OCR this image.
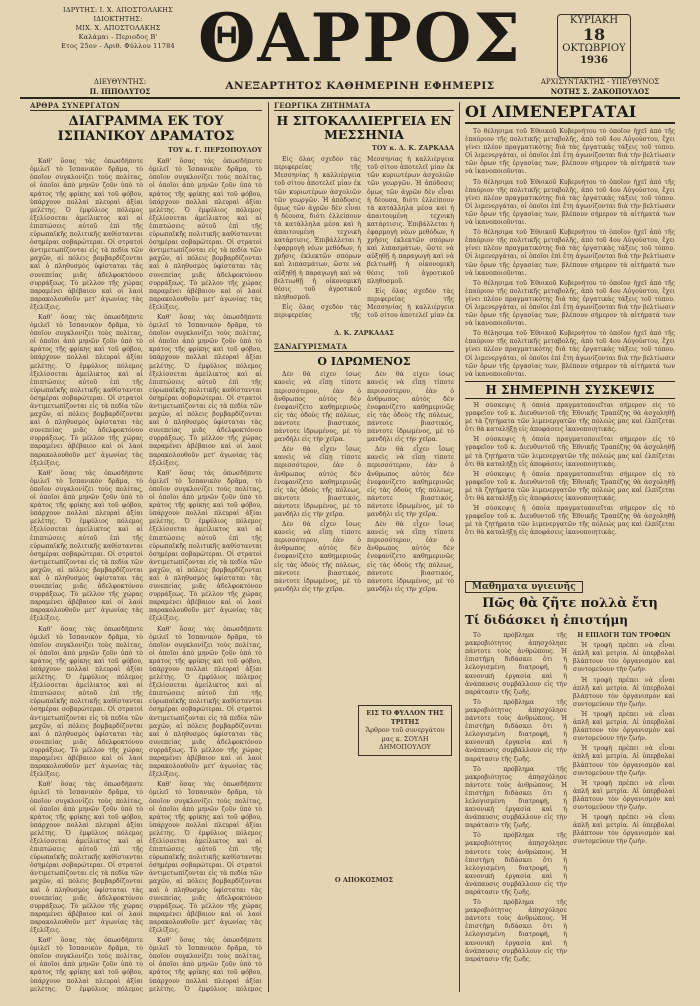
ΙΔΡΥΤΗΣ: Ι. Χ. ΑΠΟΣΤΟΛΑΚΗΣ
ΙΔΙΟΚΤΗΤΗΣ:
ΜΙΧ. Χ. ΑΠΟΣΤΟΛΑΚΗΣ
Καλάμαι - Περιοδος Β'
Ετος 25ον - Αριθ. Φύλλου 11784 ΘΑΡΡΟΣ	ΚΥΡΙΑΚΗ
18
ΟΚΤΩΒΡΙΟΥ
1936
ΔΙΕΥΘΥΝΤΗΣ:
Π. ΙΠΠΟΛΥΤΟΣ	ΑΝΕΞΑΡΤΗΤΟΣ ΚΑΘΗΜΕΡΙΝΗ ΕΦΗΜΕΡΙΣ	ΑΡΧΙΣΥΝΤΑΚΤΗΣ - ΥΠΕΥΘΥΝΟΣ
ΝΟΤΗΣ Σ. ΖΑΚΟΠΟΥΛΟΣ
ΑΡΘΡΑ ΣΥΝΕΡΓΑΤΩΝ
ΔΙΑΓΡΑΜΜΑ ΕΚ ΤΟΥ ΙΣΠΑΝΙΚΟΥ ΔΡΑΜΑΤΟΣ
ΤΟΥ κ. Γ. ΠΕΡΣΟΠΟΥΛΟΥ

Καθ' ὅσας τὰς ὀπωσδήποτε ὁμιλεῖ τὸ Ἱσπανικὸν δρᾶμα, τὸ ὁποῖον συγκλονίζει τοὺς πολίτας, οἱ ὁποῖοι ἀπὸ μηνῶν ζοῦν ὑπὸ τὸ κράτος τῆς φρίκης καὶ τοῦ φόβου, ὑπάρχουν πολλαὶ πλευραὶ ἀξίαι μελέτης. Ὁ ἐμφύλιος πόλεμος ἐξελίσσεται ἀμείλικτος καὶ αἱ ἐπιπτώσεις αὐτοῦ ἐπὶ τῆς εὐρωπαϊκῆς πολιτικῆς καθίστανται ὁσημέραι σοβαρώτεραι. Οἱ στρατοὶ ἀντιμετωπίζονται εἰς τὰ πεδία τῶν μαχῶν, αἱ πόλεις βομβαρδίζονται καὶ ὁ πληθυσμὸς ὑφίσταται τὰς συνεπείας μιᾶς ἀδελφοκτόνου συρράξεως. Τὸ μέλλον τῆς χώρας παραμένει ἀβέβαιον καὶ οἱ λαοὶ παρακολουθοῦν μετ' ἀγωνίας τὰς ἐξελίξεις.

Καθ' ὅσας τὰς ὀπωσδήποτε ὁμιλεῖ τὸ Ἱσπανικὸν δρᾶμα, τὸ ὁποῖον συγκλονίζει τοὺς πολίτας, οἱ ὁποῖοι ἀπὸ μηνῶν ζοῦν ὑπὸ τὸ κράτος τῆς φρίκης καὶ τοῦ φόβου, ὑπάρχουν πολλαὶ πλευραὶ ἀξίαι μελέτης. Ὁ ἐμφύλιος πόλεμος ἐξελίσσεται ἀμείλικτος καὶ αἱ ἐπιπτώσεις αὐτοῦ ἐπὶ τῆς εὐρωπαϊκῆς πολιτικῆς καθίστανται ὁσημέραι σοβαρώτεραι. Οἱ στρατοὶ ἀντιμετωπίζονται εἰς τὰ πεδία τῶν μαχῶν, αἱ πόλεις βομβαρδίζονται καὶ ὁ πληθυσμὸς ὑφίσταται τὰς συνεπείας μιᾶς ἀδελφοκτόνου συρράξεως. Τὸ μέλλον τῆς χώρας παραμένει ἀβέβαιον καὶ οἱ λαοὶ παρακολουθοῦν μετ' ἀγωνίας τὰς ἐξελίξεις.

Καθ' ὅσας τὰς ὀπωσδήποτε ὁμιλεῖ τὸ Ἱσπανικὸν δρᾶμα, τὸ ὁποῖον συγκλονίζει τοὺς πολίτας, οἱ ὁποῖοι ἀπὸ μηνῶν ζοῦν ὑπὸ τὸ κράτος τῆς φρίκης καὶ τοῦ φόβου, ὑπάρχουν πολλαὶ πλευραὶ ἀξίαι μελέτης. Ὁ ἐμφύλιος πόλεμος ἐξελίσσεται ἀμείλικτος καὶ αἱ ἐπιπτώσεις αὐτοῦ ἐπὶ τῆς εὐρωπαϊκῆς πολιτικῆς καθίστανται ὁσημέραι σοβαρώτεραι. Οἱ στρατοὶ ἀντιμετωπίζονται εἰς τὰ πεδία τῶν μαχῶν, αἱ πόλεις βομβαρδίζονται καὶ ὁ πληθυσμὸς ὑφίσταται τὰς συνεπείας μιᾶς ἀδελφοκτόνου συρράξεως. Τὸ μέλλον τῆς χώρας παραμένει ἀβέβαιον καὶ οἱ λαοὶ παρακολουθοῦν μετ' ἀγωνίας τὰς ἐξελίξεις.

Καθ' ὅσας τὰς ὀπωσδήποτε ὁμιλεῖ τὸ Ἱσπανικὸν δρᾶμα, τὸ ὁποῖον συγκλονίζει τοὺς πολίτας, οἱ ὁποῖοι ἀπὸ μηνῶν ζοῦν ὑπὸ τὸ κράτος τῆς φρίκης καὶ τοῦ φόβου, ὑπάρχουν πολλαὶ πλευραὶ ἀξίαι μελέτης. Ὁ ἐμφύλιος πόλεμος ἐξελίσσεται ἀμείλικτος καὶ αἱ ἐπιπτώσεις αὐτοῦ ἐπὶ τῆς εὐρωπαϊκῆς πολιτικῆς καθίστανται ὁσημέραι σοβαρώτεραι. Οἱ στρατοὶ ἀντιμετωπίζονται εἰς τὰ πεδία τῶν μαχῶν, αἱ πόλεις βομβαρδίζονται καὶ ὁ πληθυσμὸς ὑφίσταται τὰς συνεπείας μιᾶς ἀδελφοκτόνου συρράξεως. Τὸ μέλλον τῆς χώρας παραμένει ἀβέβαιον καὶ οἱ λαοὶ παρακολουθοῦν μετ' ἀγωνίας τὰς ἐξελίξεις.

Καθ' ὅσας τὰς ὀπωσδήποτε ὁμιλεῖ τὸ Ἱσπανικὸν δρᾶμα, τὸ ὁποῖον συγκλονίζει τοὺς πολίτας, οἱ ὁποῖοι ἀπὸ μηνῶν ζοῦν ὑπὸ τὸ κράτος τῆς φρίκης καὶ τοῦ φόβου, ὑπάρχουν πολλαὶ πλευραὶ ἀξίαι μελέτης. Ὁ ἐμφύλιος πόλεμος ἐξελίσσεται ἀμείλικτος καὶ αἱ ἐπιπτώσεις αὐτοῦ ἐπὶ τῆς εὐρωπαϊκῆς πολιτικῆς καθίστανται ὁσημέραι σοβαρώτεραι. Οἱ στρατοὶ ἀντιμετωπίζονται εἰς τὰ πεδία τῶν μαχῶν, αἱ πόλεις βομβαρδίζονται καὶ ὁ πληθυσμὸς ὑφίσταται τὰς συνεπείας μιᾶς ἀδελφοκτόνου συρράξεως. Τὸ μέλλον τῆς χώρας παραμένει ἀβέβαιον καὶ οἱ λαοὶ παρακολουθοῦν μετ' ἀγωνίας τὰς ἐξελίξεις.

Καθ' ὅσας τὰς ὀπωσδήποτε ὁμιλεῖ τὸ Ἱσπανικὸν δρᾶμα, τὸ ὁποῖον συγκλονίζει τοὺς πολίτας, οἱ ὁποῖοι ἀπὸ μηνῶν ζοῦν ὑπὸ τὸ κράτος τῆς φρίκης καὶ τοῦ φόβου, ὑπάρχουν πολλαὶ πλευραὶ ἀξίαι μελέτης. Ὁ ἐμφύλιος πόλεμος

Καθ' ὅσας τὰς ὀπωσδήποτε ὁμιλεῖ τὸ Ἱσπανικὸν δρᾶμα, τὸ ὁποῖον συγκλονίζει τοὺς πολίτας, οἱ ὁποῖοι ἀπὸ μηνῶν ζοῦν ὑπὸ τὸ κράτος τῆς φρίκης καὶ τοῦ φόβου, ὑπάρχουν πολλαὶ πλευραὶ ἀξίαι μελέτης. Ὁ ἐμφύλιος πόλεμος ἐξελίσσεται ἀμείλικτος καὶ αἱ ἐπιπτώσεις αὐτοῦ ἐπὶ τῆς εὐρωπαϊκῆς πολιτικῆς καθίστανται ὁσημέραι σοβαρώτεραι. Οἱ στρατοὶ ἀντιμετωπίζονται εἰς τὰ πεδία τῶν μαχῶν, αἱ πόλεις βομβαρδίζονται καὶ ὁ πληθυσμὸς ὑφίσταται τὰς συνεπείας μιᾶς ἀδελφοκτόνου συρράξεως. Τὸ μέλλον τῆς χώρας παραμένει ἀβέβαιον καὶ οἱ λαοὶ παρακολουθοῦν μετ' ἀγωνίας τὰς ἐξελίξεις.

Καθ' ὅσας τὰς ὀπωσδήποτε ὁμιλεῖ τὸ Ἱσπανικὸν δρᾶμα, τὸ ὁποῖον συγκλονίζει τοὺς πολίτας, οἱ ὁποῖοι ἀπὸ μηνῶν ζοῦν ὑπὸ τὸ κράτος τῆς φρίκης καὶ τοῦ φόβου, ὑπάρχουν πολλαὶ πλευραὶ ἀξίαι μελέτης. Ὁ ἐμφύλιος πόλεμος ἐξελίσσεται ἀμείλικτος καὶ αἱ ἐπιπτώσεις αὐτοῦ ἐπὶ τῆς εὐρωπαϊκῆς πολιτικῆς καθίστανται ὁσημέραι σοβαρώτεραι. Οἱ στρατοὶ ἀντιμετωπίζονται εἰς τὰ πεδία τῶν μαχῶν, αἱ πόλεις βομβαρδίζονται καὶ ὁ πληθυσμὸς ὑφίσταται τὰς συνεπείας μιᾶς ἀδελφοκτόνου συρράξεως. Τὸ μέλλον τῆς χώρας παραμένει ἀβέβαιον καὶ οἱ λαοὶ παρακολουθοῦν μετ' ἀγωνίας τὰς ἐξελίξεις.

Καθ' ὅσας τὰς ὀπωσδήποτε ὁμιλεῖ τὸ Ἱσπανικὸν δρᾶμα, τὸ ὁποῖον συγκλονίζει τοὺς πολίτας, οἱ ὁποῖοι ἀπὸ μηνῶν ζοῦν ὑπὸ τὸ κράτος τῆς φρίκης καὶ τοῦ φόβου, ὑπάρχουν πολλαὶ πλευραὶ ἀξίαι μελέτης. Ὁ ἐμφύλιος πόλεμος ἐξελίσσεται ἀμείλικτος καὶ αἱ ἐπιπτώσεις αὐτοῦ ἐπὶ τῆς εὐρωπαϊκῆς πολιτικῆς καθίστανται ὁσημέραι σοβαρώτεραι. Οἱ στρατοὶ ἀντιμετωπίζονται εἰς τὰ πεδία τῶν μαχῶν, αἱ πόλεις βομβαρδίζονται καὶ ὁ πληθυσμὸς ὑφίσταται τὰς συνεπείας μιᾶς ἀδελφοκτόνου συρράξεως. Τὸ μέλλον τῆς χώρας παραμένει ἀβέβαιον καὶ οἱ λαοὶ παρακολουθοῦν μετ' ἀγωνίας τὰς ἐξελίξεις.

Καθ' ὅσας τὰς ὀπωσδήποτε ὁμιλεῖ τὸ Ἱσπανικὸν δρᾶμα, τὸ ὁποῖον συγκλονίζει τοὺς πολίτας, οἱ ὁποῖοι ἀπὸ μηνῶν ζοῦν ὑπὸ τὸ κράτος τῆς φρίκης καὶ τοῦ φόβου, ὑπάρχουν πολλαὶ πλευραὶ ἀξίαι μελέτης. Ὁ ἐμφύλιος πόλεμος ἐξελίσσεται ἀμείλικτος καὶ αἱ ἐπιπτώσεις αὐτοῦ ἐπὶ τῆς εὐρωπαϊκῆς πολιτικῆς καθίστανται ὁσημέραι σοβαρώτεραι. Οἱ στρατοὶ ἀντιμετωπίζονται εἰς τὰ πεδία τῶν μαχῶν, αἱ πόλεις βομβαρδίζονται καὶ ὁ πληθυσμὸς ὑφίσταται τὰς συνεπείας μιᾶς ἀδελφοκτόνου συρράξεως. Τὸ μέλλον τῆς χώρας παραμένει ἀβέβαιον καὶ οἱ λαοὶ παρακολουθοῦν μετ' ἀγωνίας τὰς ἐξελίξεις.

Καθ' ὅσας τὰς ὀπωσδήποτε ὁμιλεῖ τὸ Ἱσπανικὸν δρᾶμα, τὸ ὁποῖον συγκλονίζει τοὺς πολίτας, οἱ ὁποῖοι ἀπὸ μηνῶν ζοῦν ὑπὸ τὸ κράτος τῆς φρίκης καὶ τοῦ φόβου, ὑπάρχουν πολλαὶ πλευραὶ ἀξίαι μελέτης. Ὁ ἐμφύλιος πόλεμος ἐξελίσσεται ἀμείλικτος καὶ αἱ ἐπιπτώσεις αὐτοῦ ἐπὶ τῆς εὐρωπαϊκῆς πολιτικῆς καθίστανται ὁσημέραι σοβαρώτεραι. Οἱ στρατοὶ ἀντιμετωπίζονται εἰς τὰ πεδία τῶν μαχῶν, αἱ πόλεις βομβαρδίζονται καὶ ὁ πληθυσμὸς ὑφίσταται τὰς συνεπείας μιᾶς ἀδελφοκτόνου συρράξεως. Τὸ μέλλον τῆς χώρας παραμένει ἀβέβαιον καὶ οἱ λαοὶ παρακολουθοῦν μετ' ἀγωνίας τὰς ἐξελίξεις.

Καθ' ὅσας τὰς ὀπωσδήποτε ὁμιλεῖ τὸ Ἱσπανικὸν δρᾶμα, τὸ ὁποῖον συγκλονίζει τοὺς πολίτας, οἱ ὁποῖοι ἀπὸ μηνῶν ζοῦν ὑπὸ τὸ κράτος τῆς φρίκης καὶ τοῦ φόβου, ὑπάρχουν πολλαὶ πλευραὶ ἀξίαι μελέτης. Ὁ ἐμφύλιος πόλεμος

ΓΕΩΡΓΙΚΑ ΖΗΤΗΜΑΤΑ
Η ΣΙΤΟΚΑΛΛΙΕΡΓΕΙΑ ΕΝ ΜΕΣΣΗΝΙΑ
ΤΟΥ κ. Δ. Κ. ΖΑΡΚΑΔΑ

Εἰς ὅλας σχεδὸν τὰς περιφερείας τῆς Μεσσηνίας ἡ καλλιέργεια τοῦ σίτου ἀποτελεῖ μίαν ἐκ τῶν κυριωτέρων ἀσχολιῶν τῶν γεωργῶν. Ἡ ἀπόδοσις ὅμως τῶν ἀγρῶν δὲν εἶναι ἡ δέουσα, διότι ἐλλείπουν τὰ κατάλληλα μέσα καὶ ἡ ἀπαιτουμένη τεχνικὴ κατάρτισις. Ἐπιβάλλεται ἡ ἐφαρμογὴ νέων μεθόδων, ἡ χρῆσις ἐκλεκτῶν σπόρων καὶ λιπασμάτων, ὥστε νὰ αὐξηθῇ ἡ παραγωγὴ καὶ νὰ βελτιωθῇ ἡ οἰκονομικὴ θέσις τοῦ ἀγροτικοῦ πληθυσμοῦ.

Εἰς ὅλας σχεδὸν τὰς περιφερείας τῆς Μεσσηνίας ἡ καλλιέργεια τοῦ σίτου ἀποτελεῖ μίαν ἐκ τῶν κυριωτέρων ἀσχολιῶν τῶν γεωργῶν. Ἡ ἀπόδοσις ὅμως τῶν ἀγρῶν δὲν εἶναι ἡ δέουσα, διότι ἐλλείπουν τὰ κατάλληλα μέσα καὶ ἡ ἀπαιτουμένη τεχνικὴ κατάρτισις. Ἐπιβάλλεται ἡ ἐφαρμογὴ νέων μεθόδων, ἡ χρῆσις ἐκλεκτῶν σπόρων καὶ λιπασμάτων, ὥστε νὰ αὐξηθῇ ἡ παραγωγὴ καὶ νὰ βελτιωθῇ ἡ οἰκονομικὴ θέσις τοῦ ἀγροτικοῦ πληθυσμοῦ.

Εἰς ὅλας σχεδὸν τὰς περιφερείας τῆς Μεσσηνίας ἡ καλλιέργεια τοῦ σίτου ἀποτελεῖ μίαν ἐκ

Δ. Κ. ΖΑΡΚΑΔΑΣ
ΞΑΝΑΓΥΡΙΣΜΑΤΑ
Ο ΙΔΡΩΜΕΝΟΣ

Δὲν θὰ εἶχεν ἴσως κανεὶς νὰ εἴπῃ τίποτε περισσότερον, ἐὰν ὁ ἄνθρωπος αὐτὸς δὲν ἐνεφανίζετο καθημερινῶς εἰς τὰς ὁδοὺς τῆς πόλεως, πάντοτε βιαστικός, πάντοτε ἱδρωμένος, μὲ τὸ μανδήλι εἰς τὴν χεῖρα.

Δὲν θὰ εἶχεν ἴσως κανεὶς νὰ εἴπῃ τίποτε περισσότερον, ἐὰν ὁ ἄνθρωπος αὐτὸς δὲν ἐνεφανίζετο καθημερινῶς εἰς τὰς ὁδοὺς τῆς πόλεως, πάντοτε βιαστικός, πάντοτε ἱδρωμένος, μὲ τὸ μανδήλι εἰς τὴν χεῖρα.

Δὲν θὰ εἶχεν ἴσως κανεὶς νὰ εἴπῃ τίποτε περισσότερον, ἐὰν ὁ ἄνθρωπος αὐτὸς δὲν ἐνεφανίζετο καθημερινῶς εἰς τὰς ὁδοὺς τῆς πόλεως, πάντοτε βιαστικός, πάντοτε ἱδρωμένος, μὲ τὸ μανδήλι εἰς τὴν χεῖρα.

Δὲν θὰ εἶχεν ἴσως κανεὶς νὰ εἴπῃ τίποτε περισσότερον, ἐὰν ὁ ἄνθρωπος αὐτὸς δὲν ἐνεφανίζετο καθημερινῶς εἰς τὰς ὁδοὺς τῆς πόλεως, πάντοτε βιαστικός, πάντοτε ἱδρωμένος, μὲ τὸ μανδήλι εἰς τὴν χεῖρα.

Δὲν θὰ εἶχεν ἴσως κανεὶς νὰ εἴπῃ τίποτε περισσότερον, ἐὰν ὁ ἄνθρωπος αὐτὸς δὲν ἐνεφανίζετο καθημερινῶς εἰς τὰς ὁδοὺς τῆς πόλεως, πάντοτε βιαστικός, πάντοτε ἱδρωμένος, μὲ τὸ μανδήλι εἰς τὴν χεῖρα.

Δὲν θὰ εἶχεν ἴσως κανεὶς νὰ εἴπῃ τίποτε περισσότερον, ἐὰν ὁ ἄνθρωπος αὐτὸς δὲν ἐνεφανίζετο καθημερινῶς εἰς τὰς ὁδοὺς τῆς πόλεως, πάντοτε βιαστικός, πάντοτε ἱδρωμένος, μὲ τὸ μανδήλι εἰς τὴν χεῖρα.

ΕΙΣ ΤΟ ΦΥΛΛΟΝ ΤΗΣ ΤΡΙΤΗΣ
Ἄρθρον τοῦ συνεργάτου μας κ. ΣΟΥΛΗ ΔΗΜΟΠΟΥΛΟΥ
Ο ΑΠΟΚΟΣΜΟΣ
ΟΙ ΛΙΜΕΝΕΡΓΑΤΑΙ

Τὸ θέλησιμα τοῦ Ἐθνικοῦ Κυβερνήτου τὸ ὁποῖον ἠχεῖ ἀπὸ τῆς ἐπαύριον τῆς πολιτικῆς μεταβολῆς, ἀπὸ τοῦ 4ου Αὐγούστου, ἔχει γίνει πλέον πραγματικότης διὰ τὰς ἐργατικὰς τάξεις τοῦ τόπου. Οἱ λιμενεργάται, οἱ ὁποῖοι ἐπὶ ἔτη ἀγωνίζονται διὰ τὴν βελτίωσιν τῶν ὅρων τῆς ἐργασίας των, βλέπουν σήμερον τὰ αἰτήματά των νὰ ἱκανοποιοῦνται.

Τὸ θέλησιμα τοῦ Ἐθνικοῦ Κυβερνήτου τὸ ὁποῖον ἠχεῖ ἀπὸ τῆς ἐπαύριον τῆς πολιτικῆς μεταβολῆς, ἀπὸ τοῦ 4ου Αὐγούστου, ἔχει γίνει πλέον πραγματικότης διὰ τὰς ἐργατικὰς τάξεις τοῦ τόπου. Οἱ λιμενεργάται, οἱ ὁποῖοι ἐπὶ ἔτη ἀγωνίζονται διὰ τὴν βελτίωσιν τῶν ὅρων τῆς ἐργασίας των, βλέπουν σήμερον τὰ αἰτήματά των νὰ ἱκανοποιοῦνται.

Τὸ θέλησιμα τοῦ Ἐθνικοῦ Κυβερνήτου τὸ ὁποῖον ἠχεῖ ἀπὸ τῆς ἐπαύριον τῆς πολιτικῆς μεταβολῆς, ἀπὸ τοῦ 4ου Αὐγούστου, ἔχει γίνει πλέον πραγματικότης διὰ τὰς ἐργατικὰς τάξεις τοῦ τόπου. Οἱ λιμενεργάται, οἱ ὁποῖοι ἐπὶ ἔτη ἀγωνίζονται διὰ τὴν βελτίωσιν τῶν ὅρων τῆς ἐργασίας των, βλέπουν σήμερον τὰ αἰτήματά των νὰ ἱκανοποιοῦνται.

Τὸ θέλησιμα τοῦ Ἐθνικοῦ Κυβερνήτου τὸ ὁποῖον ἠχεῖ ἀπὸ τῆς ἐπαύριον τῆς πολιτικῆς μεταβολῆς, ἀπὸ τοῦ 4ου Αὐγούστου, ἔχει γίνει πλέον πραγματικότης διὰ τὰς ἐργατικὰς τάξεις τοῦ τόπου. Οἱ λιμενεργάται, οἱ ὁποῖοι ἐπὶ ἔτη ἀγωνίζονται διὰ τὴν βελτίωσιν τῶν ὅρων τῆς ἐργασίας των, βλέπουν σήμερον τὰ αἰτήματά των νὰ ἱκανοποιοῦνται.

Τὸ θέλησιμα τοῦ Ἐθνικοῦ Κυβερνήτου τὸ ὁποῖον ἠχεῖ ἀπὸ τῆς ἐπαύριον τῆς πολιτικῆς μεταβολῆς, ἀπὸ τοῦ 4ου Αὐγούστου, ἔχει γίνει πλέον πραγματικότης διὰ τὰς ἐργατικὰς τάξεις τοῦ τόπου. Οἱ λιμενεργάται, οἱ ὁποῖοι ἐπὶ ἔτη ἀγωνίζονται διὰ τὴν βελτίωσιν τῶν ὅρων τῆς ἐργασίας των, βλέπουν σήμερον τὰ αἰτήματά των νὰ ἱκανοποιοῦνται.

Η ΣΗΜΕΡΙΝΗ ΣΥΣΚΕΨΙΣ

Ἡ σύσκεψις ἡ ὁποία πραγματοποιεῖται σήμερον εἰς τὸ γραφεῖον τοῦ κ. Διευθυντοῦ τῆς Ἐθνικῆς Τραπέζης θὰ ἀσχοληθῇ μὲ τὰ ζητήματα τῶν λιμενεργατῶν τῆς πόλεώς μας καὶ ἐλπίζεται ὅτι θὰ καταλήξῃ εἰς ἀποφάσεις ἱκανοποιητικάς.

Ἡ σύσκεψις ἡ ὁποία πραγματοποιεῖται σήμερον εἰς τὸ γραφεῖον τοῦ κ. Διευθυντοῦ τῆς Ἐθνικῆς Τραπέζης θὰ ἀσχοληθῇ μὲ τὰ ζητήματα τῶν λιμενεργατῶν τῆς πόλεώς μας καὶ ἐλπίζεται ὅτι θὰ καταλήξῃ εἰς ἀποφάσεις ἱκανοποιητικάς.

Ἡ σύσκεψις ἡ ὁποία πραγματοποιεῖται σήμερον εἰς τὸ γραφεῖον τοῦ κ. Διευθυντοῦ τῆς Ἐθνικῆς Τραπέζης θὰ ἀσχοληθῇ μὲ τὰ ζητήματα τῶν λιμενεργατῶν τῆς πόλεώς μας καὶ ἐλπίζεται ὅτι θὰ καταλήξῃ εἰς ἀποφάσεις ἱκανοποιητικάς.

Ἡ σύσκεψις ἡ ὁποία πραγματοποιεῖται σήμερον εἰς τὸ γραφεῖον τοῦ κ. Διευθυντοῦ τῆς Ἐθνικῆς Τραπέζης θὰ ἀσχοληθῇ μὲ τὰ ζητήματα τῶν λιμενεργατῶν τῆς πόλεώς μας καὶ ἐλπίζεται ὅτι θὰ καταλήξῃ εἰς ἀποφάσεις ἱκανοποιητικάς.

Μαθηματα υγιεινῆς
Πῶς θὰ ζῆτε πολλὰ ἔτη
Τί διδάσκει ἡ ἐπιστήμη

Τὸ πρόβλημα τῆς μακροβιότητος ἀπησχόλησε πάντοτε τοὺς ἀνθρώπους. Ἡ ἐπιστήμη διδάσκει ὅτι ἡ λελογισμένη διατροφή, ἡ κανονικὴ ἐργασία καὶ ἡ ἀνάπαυσις συμβάλλουν εἰς τὴν παράτασιν τῆς ζωῆς.

Τὸ πρόβλημα τῆς μακροβιότητος ἀπησχόλησε πάντοτε τοὺς ἀνθρώπους. Ἡ ἐπιστήμη διδάσκει ὅτι ἡ λελογισμένη διατροφή, ἡ κανονικὴ ἐργασία καὶ ἡ ἀνάπαυσις συμβάλλουν εἰς τὴν παράτασιν τῆς ζωῆς.

Τὸ πρόβλημα τῆς μακροβιότητος ἀπησχόλησε πάντοτε τοὺς ἀνθρώπους. Ἡ ἐπιστήμη διδάσκει ὅτι ἡ λελογισμένη διατροφή, ἡ κανονικὴ ἐργασία καὶ ἡ ἀνάπαυσις συμβάλλουν εἰς τὴν παράτασιν τῆς ζωῆς.

Τὸ πρόβλημα τῆς μακροβιότητος ἀπησχόλησε πάντοτε τοὺς ἀνθρώπους. Ἡ ἐπιστήμη διδάσκει ὅτι ἡ λελογισμένη διατροφή, ἡ κανονικὴ ἐργασία καὶ ἡ ἀνάπαυσις συμβάλλουν εἰς τὴν παράτασιν τῆς ζωῆς.

Τὸ πρόβλημα τῆς μακροβιότητος ἀπησχόλησε πάντοτε τοὺς ἀνθρώπους. Ἡ ἐπιστήμη διδάσκει ὅτι ἡ λελογισμένη διατροφή, ἡ κανονικὴ ἐργασία καὶ ἡ ἀνάπαυσις συμβάλλουν εἰς τὴν παράτασιν τῆς ζωῆς.

Η ΕΠΙΛΟΓΗ ΤΩΝ ΤΡΟΦΩΝ

Ἡ τροφὴ πρέπει νὰ εἶναι ἁπλῆ καὶ μετρία. Αἱ ὑπερβολαὶ βλάπτουν τὸν ὀργανισμὸν καὶ συντομεύουν τὴν ζωήν.

Ἡ τροφὴ πρέπει νὰ εἶναι ἁπλῆ καὶ μετρία. Αἱ ὑπερβολαὶ βλάπτουν τὸν ὀργανισμὸν καὶ συντομεύουν τὴν ζωήν.

Ἡ τροφὴ πρέπει νὰ εἶναι ἁπλῆ καὶ μετρία. Αἱ ὑπερβολαὶ βλάπτουν τὸν ὀργανισμὸν καὶ συντομεύουν τὴν ζωήν.

Ἡ τροφὴ πρέπει νὰ εἶναι ἁπλῆ καὶ μετρία. Αἱ ὑπερβολαὶ βλάπτουν τὸν ὀργανισμὸν καὶ συντομεύουν τὴν ζωήν.

Ἡ τροφὴ πρέπει νὰ εἶναι ἁπλῆ καὶ μετρία. Αἱ ὑπερβολαὶ βλάπτουν τὸν ὀργανισμὸν καὶ συντομεύουν τὴν ζωήν.

Ἡ τροφὴ πρέπει νὰ εἶναι ἁπλῆ καὶ μετρία. Αἱ ὑπερβολαὶ βλάπτουν τὸν ὀργανισμὸν καὶ συντομεύουν τὴν ζωήν.
